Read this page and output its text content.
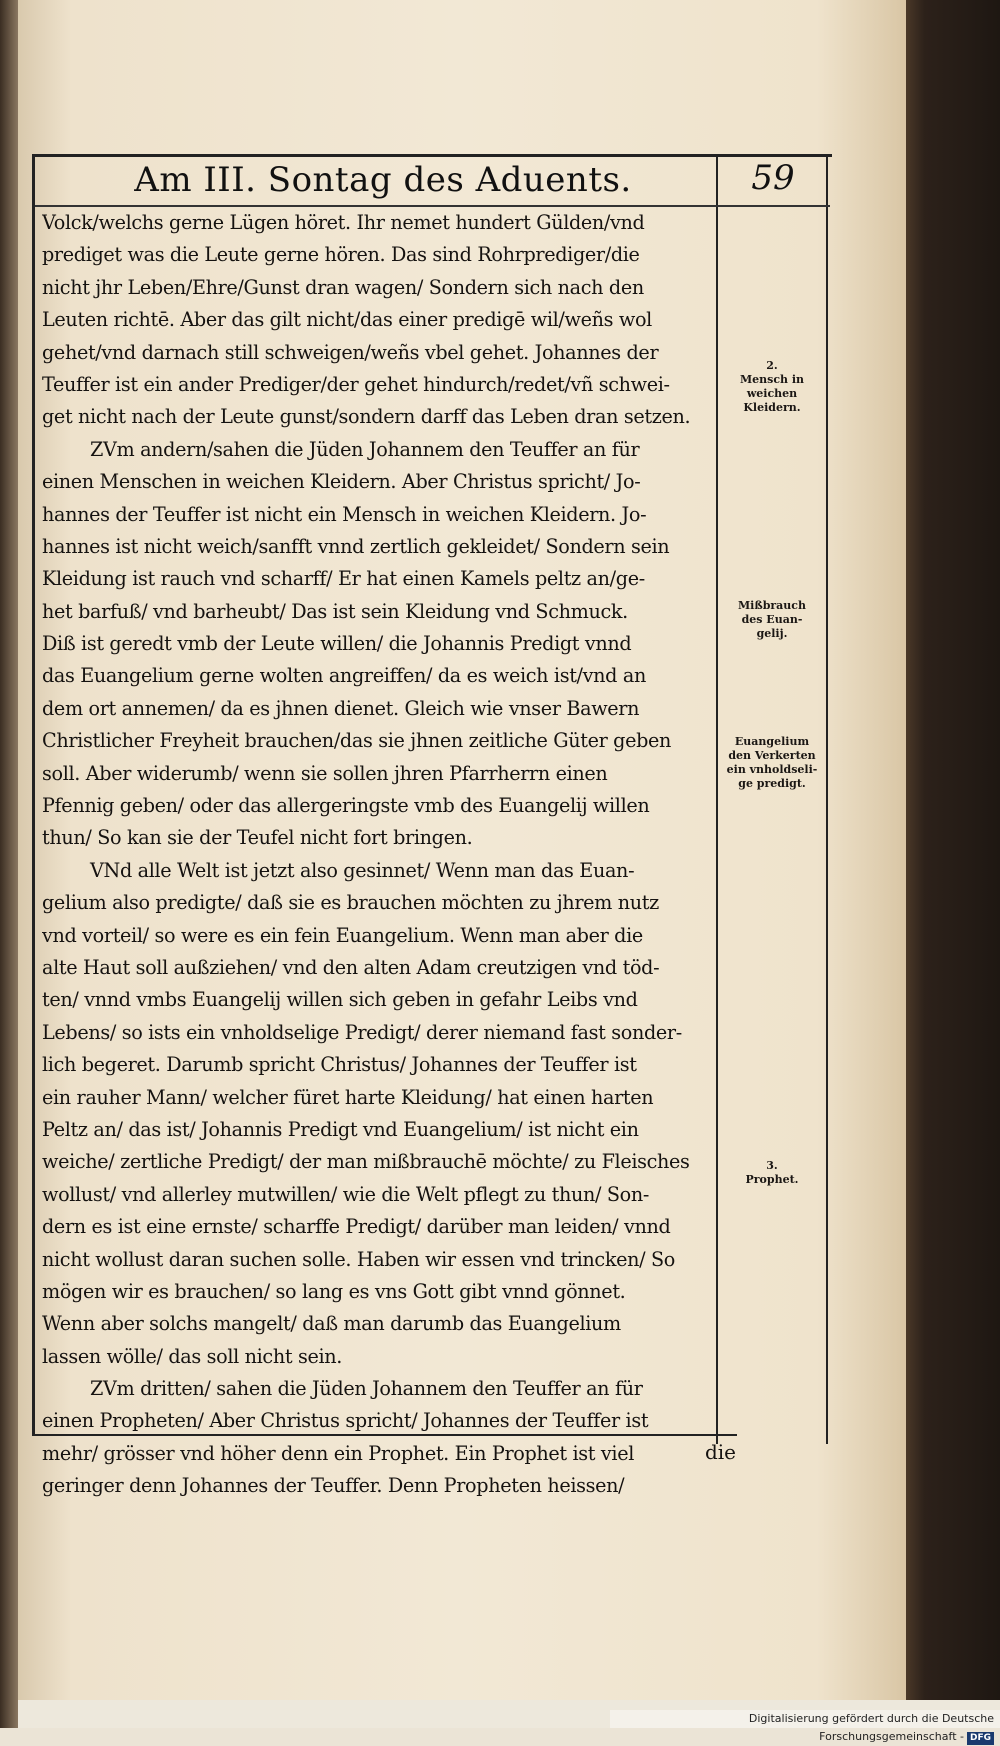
Am III. Sontag des Aduents.	59
Volck/welchs gerne Lügen höret. Ihr nemet hundert Gülden/vnd
prediget was die Leute gerne hören. Das sind Rohrprediger/die
nicht jhr Leben/Ehre/Gunst dran wagen/ Sondern sich nach den
Leuten richtē. Aber das gilt nicht/das einer predigē wil/weñs wol
gehet/vnd darnach still schweigen/weñs vbel gehet. Johannes der
Teuffer ist ein ander Prediger/der gehet hindurch/redet/vñ schwei-
get nicht nach der Leute gunst/sondern darff das Leben dran setzen.
ZVm andern/sahen die Jüden Johannem den Teuffer an für
einen Menschen in weichen Kleidern. Aber Christus spricht/ Jo-
hannes der Teuffer ist nicht ein Mensch in weichen Kleidern. Jo-
hannes ist nicht weich/sanfft vnnd zertlich gekleidet/ Sondern sein
Kleidung ist rauch vnd scharff/ Er hat einen Kamels peltz an/ge-
het barfuß/ vnd barheubt/ Das ist sein Kleidung vnd Schmuck.
Diß ist geredt vmb der Leute willen/ die Johannis Predigt vnnd
das Euangelium gerne wolten angreiffen/ da es weich ist/vnd an
dem ort annemen/ da es jhnen dienet. Gleich wie vnser Bawern
Christlicher Freyheit brauchen/das sie jhnen zeitliche Güter geben
soll. Aber widerumb/ wenn sie sollen jhren Pfarrherrn einen
Pfennig geben/ oder das allergeringste vmb des Euangelij willen
thun/ So kan sie der Teufel nicht fort bringen.
VNd alle Welt ist jetzt also gesinnet/ Wenn man das Euan-
gelium also predigte/ daß sie es brauchen möchten zu jhrem nutz
vnd vorteil/ so were es ein fein Euangelium. Wenn man aber die
alte Haut soll außziehen/ vnd den alten Adam creutzigen vnd töd-
ten/ vnnd vmbs Euangelij willen sich geben in gefahr Leibs vnd
Lebens/ so ists ein vnholdselige Predigt/ derer niemand fast sonder-
lich begeret. Darumb spricht Christus/ Johannes der Teuffer ist
ein rauher Mann/ welcher füret harte Kleidung/ hat einen harten
Peltz an/ das ist/ Johannis Predigt vnd Euangelium/ ist nicht ein
weiche/ zertliche Predigt/ der man mißbrauchē möchte/ zu Fleisches
wollust/ vnd allerley mutwillen/ wie die Welt pflegt zu thun/ Son-
dern es ist eine ernste/ scharffe Predigt/ darüber man leiden/ vnnd
nicht wollust daran suchen solle. Haben wir essen vnd trincken/ So
mögen wir es brauchen/ so lang es vns Gott gibt vnnd gönnet.
Wenn aber solchs mangelt/ daß man darumb das Euangelium
lassen wölle/ das soll nicht sein.
ZVm dritten/ sahen die Jüden Johannem den Teuffer an für
einen Propheten/ Aber Christus spricht/ Johannes der Teuffer ist
mehr/ grösser vnd höher denn ein Prophet. Ein Prophet ist viel
geringer denn Johannes der Teuffer. Denn Propheten heissen/
2.
Mensch in
weichen
Kleidern.
Mißbrauch
des Euan-
gelij.
Euangelium
den Verkerten
ein vnholdseli-
ge predigt.
3.
Prophet.
die
Digitalisierung gefördert durch die Deutsche Forschungsgemeinschaft - DFG
